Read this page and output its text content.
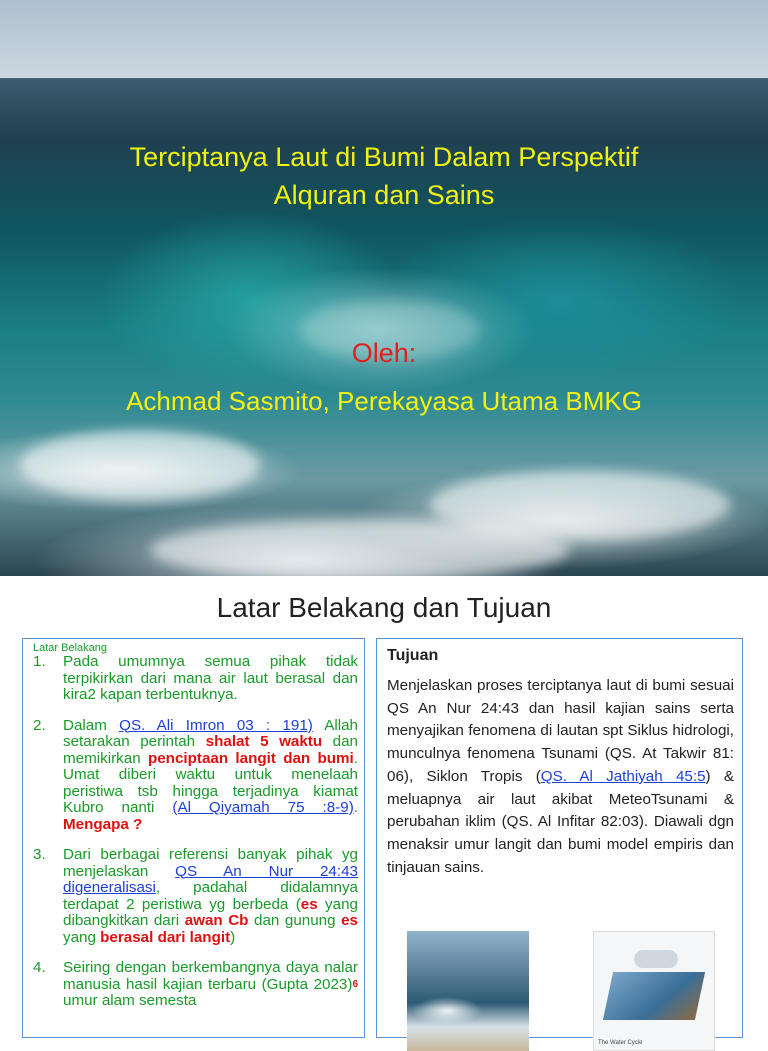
Terciptanya Laut di Bumi Dalam Perspektif
Alquran dan Sains
Oleh:
Achmad Sasmito, Perekayasa Utama BMKG
Latar Belakang dan Tujuan
Latar Belakang
1.	Pada umumnya semua pihak tidak terpikirkan dari mana air laut berasal dan kira2 kapan terbentuknya.
2.	Dalam QS. Ali Imron 03 : 191) Allah setarakan perintah shalat 5 waktu dan memikirkan penciptaan langit dan bumi. Umat diberi waktu untuk menelaah peristiwa tsb hingga terjadinya kiamat Kubro nanti (Al Qiyamah 75 :8-9). Mengapa ?
3.	Dari berbagai referensi banyak pihak yg menjelaskan QS An Nur 24:43 digeneralisasi, padahal didalamnya terdapat 2 peristiwa yg berbeda (es yang dibangkitkan dari awan Cb dan gunung es yang berasal dari langit)
4.	Seiring dengan berkembangnya daya nalar manusia hasil kajian terbaru (Gupta 2023)$^6$ umur alam semesta
Tujuan
Menjelaskan proses terciptanya laut di bumi sesuai QS An Nur 24:43 dan hasil kajian sains serta menyajikan fenomena di lautan spt Siklus hidrologi, munculnya fenomena Tsunami (QS. At Takwir 81: 06), Siklon Tropis (QS. Al Jathiyah 45:5) & meluapnya air laut akibat MeteoTsunami & perubahan iklim (QS. Al Infitar 82:03). Diawali dgn menaksir umur langit dan bumi model empiris dan tinjauan sains.
The Water Cycle
